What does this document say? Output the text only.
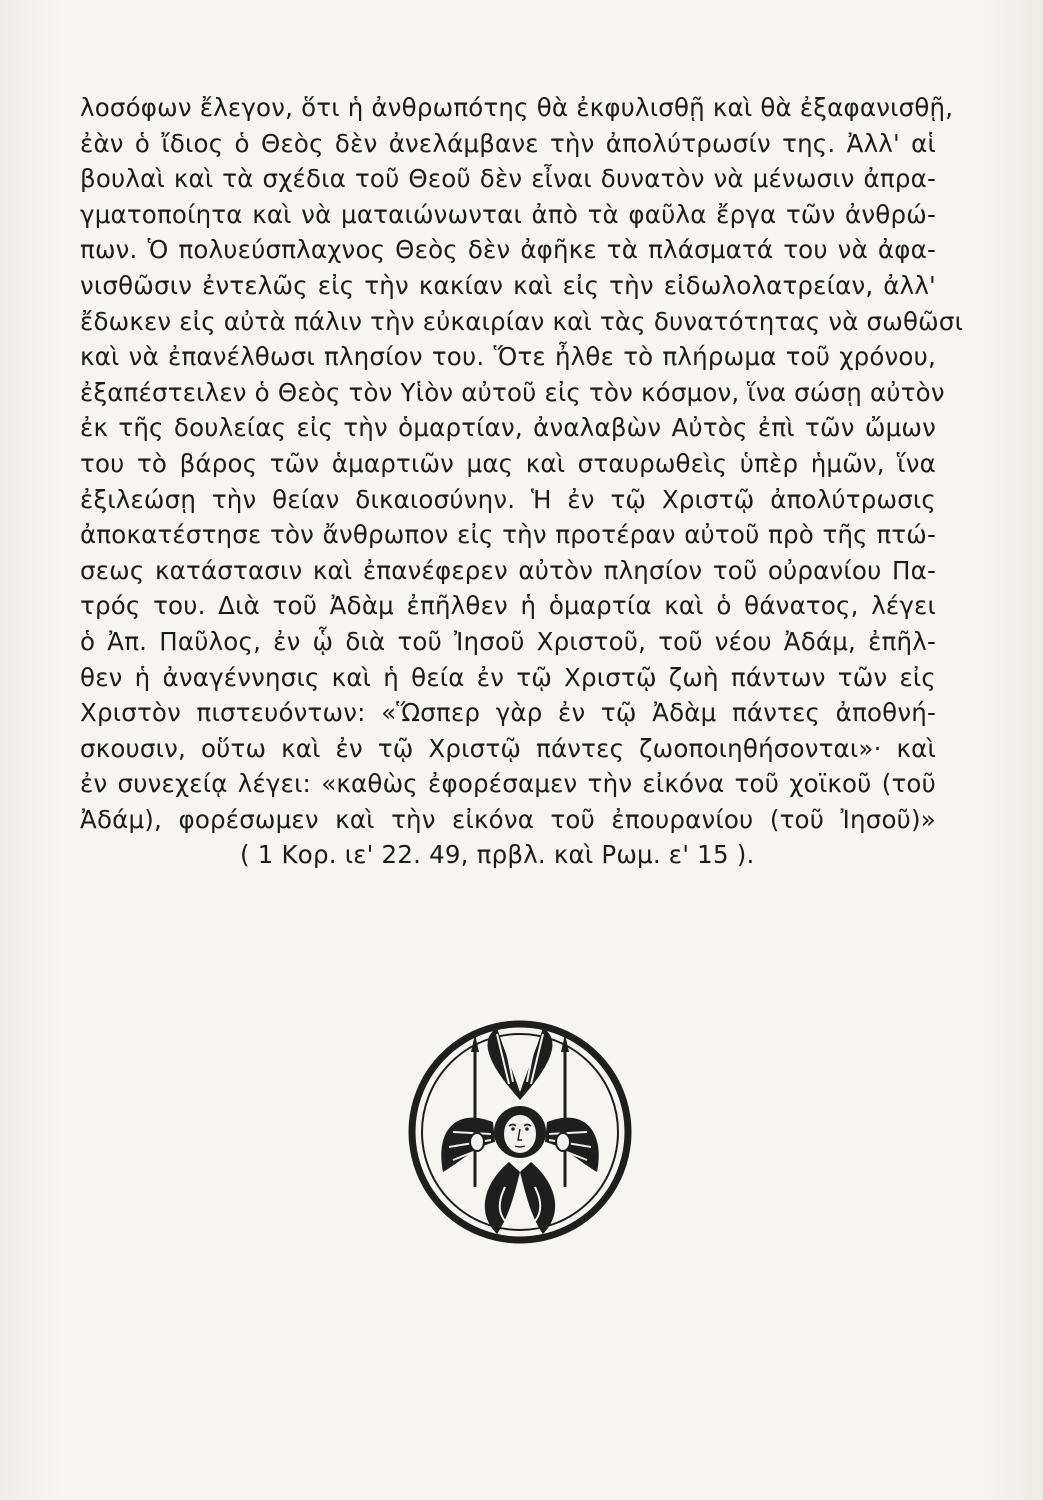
λοσόφων ἔλεγον, ὅτι ἡ ἀνθρωπότης θὰ ἐκφυλισθῇ καὶ θὰ ἐξαφανισθῇ,
ἐὰν ὁ ἴδιος ὁ Θεὸς δὲν ἀνελάμβανε τὴν ἀπολύτρωσίν της. Ἀλλ' αἱ
βουλαὶ καὶ τὰ σχέδια τοῦ Θεοῦ δὲν εἶναι δυνατὸν νὰ μένωσιν ἀπρα-
γματοποίητα καὶ νὰ ματαιώνωνται ἀπὸ τὰ φαῦλα ἔργα τῶν ἀνθρώ-
πων. Ὁ πολυεύσπλαχνος Θεὸς δὲν ἀφῆκε τὰ πλάσματά του νὰ ἀφα-
νισθῶσιν ἐντελῶς εἰς τὴν κακίαν καὶ εἰς τὴν εἰδωλολατρείαν, ἀλλ'
ἔδωκεν εἰς αὐτὰ πάλιν τὴν εὐκαιρίαν καὶ τὰς δυνατότητας νὰ σωθῶσι
καὶ νὰ ἐπανέλθωσι πλησίον του. Ὅτε ἦλθε τὸ πλήρωμα τοῦ χρόνου,
ἐξαπέστειλεν ὁ Θεὸς τὸν Υἱὸν αὐτοῦ εἰς τὸν κόσμον, ἵνα σώσῃ αὐτὸν
ἐκ τῆς δουλείας εἰς τὴν ὁμαρτίαν, ἀναλαβὼν Αὐτὸς ἐπὶ τῶν ὤμων
του τὸ βάρος τῶν ἁμαρτιῶν μας καὶ σταυρωθεὶς ὑπὲρ ἡμῶν, ἵνα
ἐξιλεώσῃ τὴν θείαν δικαιοσύνην. Ἡ ἐν τῷ Χριστῷ ἀπολύτρωσις
ἀποκατέστησε τὸν ἄνθρωπον εἰς τὴν προτέραν αὐτοῦ πρὸ τῆς πτώ-
σεως κατάστασιν καὶ ἐπανέφερεν αὐτὸν πλησίον τοῦ οὐρανίου Πα-
τρός του. Διὰ τοῦ Ἀδὰμ ἐπῆλθεν ἡ ὁμαρτία καὶ ὁ θάνατος, λέγει
ὁ Ἀπ. Παῦλος, ἐν ᾧ διὰ τοῦ Ἰησοῦ Χριστοῦ, τοῦ νέου Ἀδάμ, ἐπῆλ-
θεν ἡ ἀναγέννησις καὶ ἡ θεία ἐν τῷ Χριστῷ ζωὴ πάντων τῶν εἰς
Χριστὸν πιστευόντων: «Ὥσπερ γὰρ ἐν τῷ Ἀδὰμ πάντες ἀποθνή-
σκουσιν, οὕτω καὶ ἐν τῷ Χριστῷ πάντες ζωοποιηθήσονται»· καὶ
ἐν συνεχείᾳ λέγει: «καθὼς ἐφορέσαμεν τὴν εἰκόνα τοῦ χοϊκοῦ (τοῦ
Ἀδάμ), φορέσωμεν καὶ τὴν εἰκόνα τοῦ ἐπουρανίου (τοῦ Ἰησοῦ)»
( 1 Κορ. ιε' 22. 49, πρβλ. καὶ Ρωμ. ε' 15 ).
